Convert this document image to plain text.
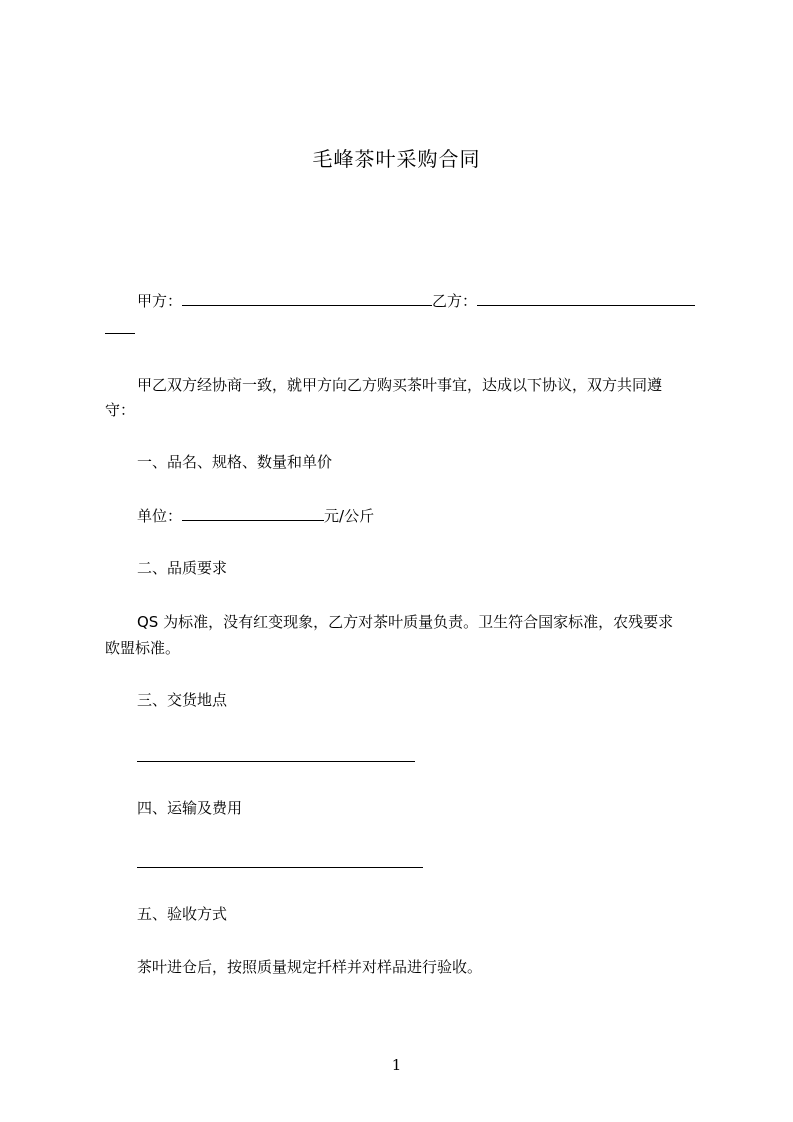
毛峰茶叶采购合同
甲方：	乙方：
甲乙双方经协商一致，就甲方向乙方购买茶叶事宜，达成以下协议，双方共同遵
守：
一、品名、规格、数量和单价
单位：	元/公斤
二、品质要求
QS 为标准，没有红变现象，乙方对茶叶质量负责。卫生符合国家标准，农残要求
欧盟标准。
三、交货地点
四、运输及费用
五、验收方式
茶叶进仓后，按照质量规定扦样并对样品进行验收。
1
